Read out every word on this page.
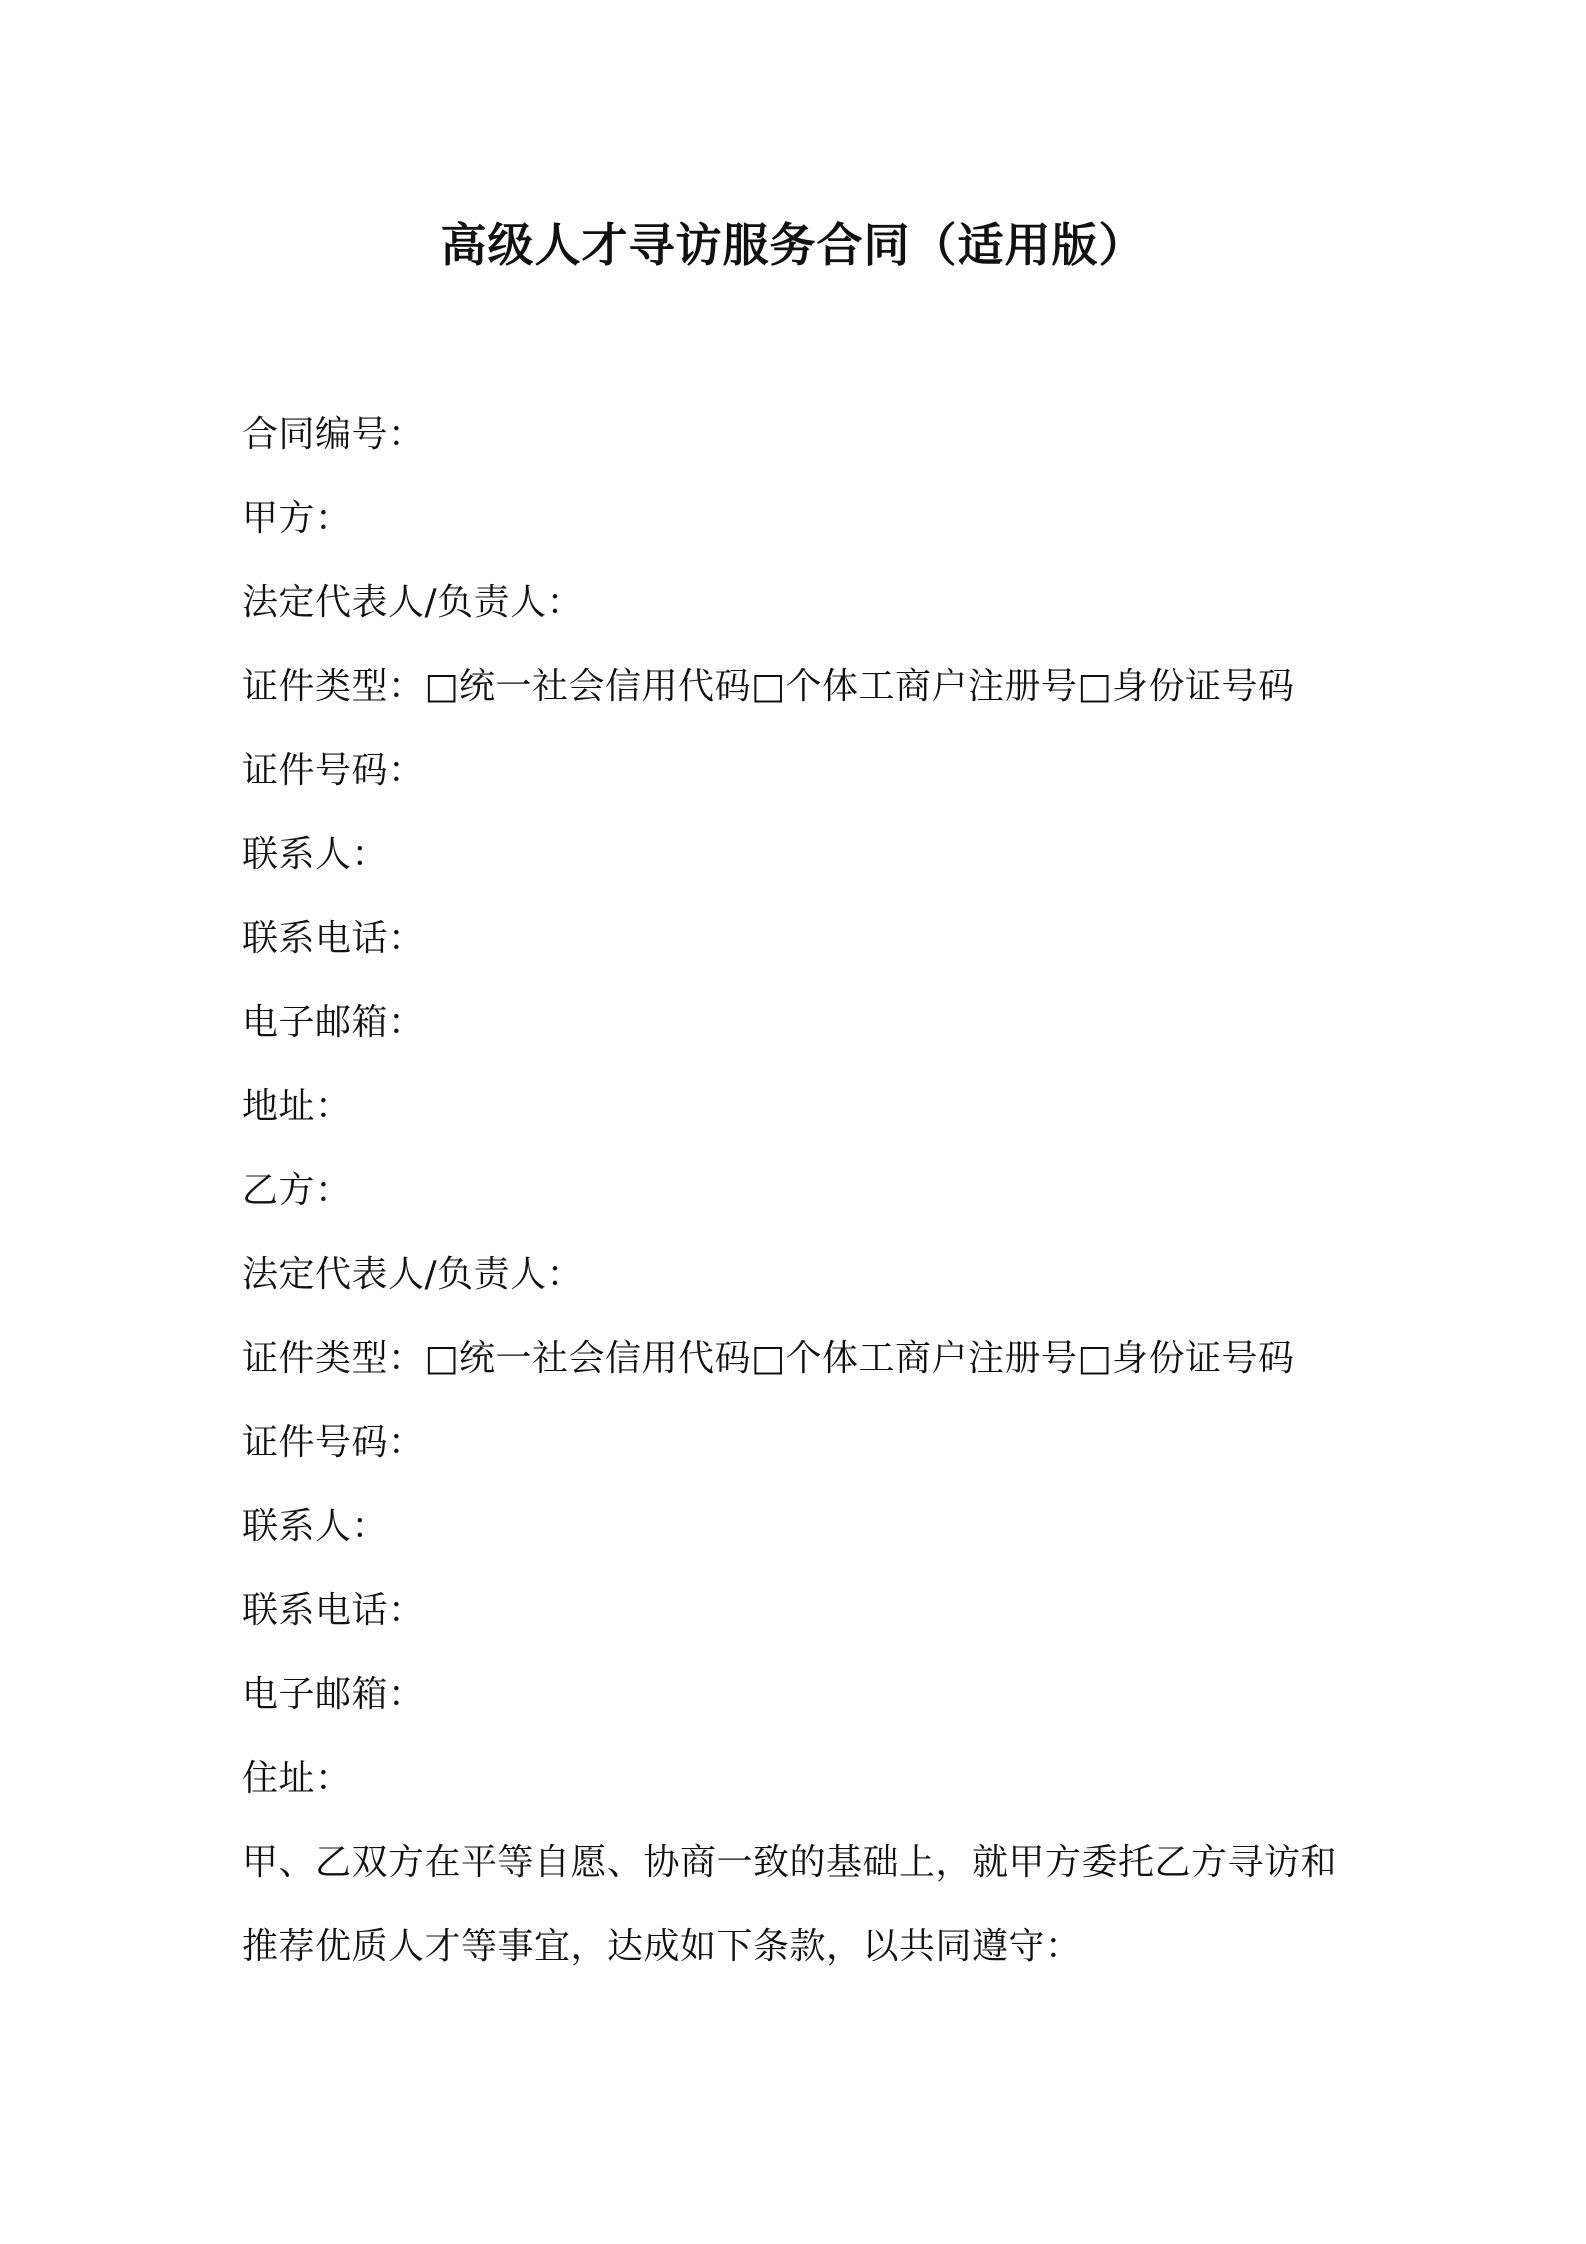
高级人才寻访服务合同（适用版）
合同编号：
甲方：
法定代表人/负责人：
证件类型：□统一社会信用代码□个体工商户注册号□身份证号码
证件号码：
联系人：
联系电话：
电子邮箱：
地址：
乙方：
法定代表人/负责人：
证件类型：□统一社会信用代码□个体工商户注册号□身份证号码
证件号码：
联系人：
联系电话：
电子邮箱：
住址：
甲、乙双方在平等自愿、协商一致的基础上，就甲方委托乙方寻访和
推荐优质人才等事宜，达成如下条款，以共同遵守：
